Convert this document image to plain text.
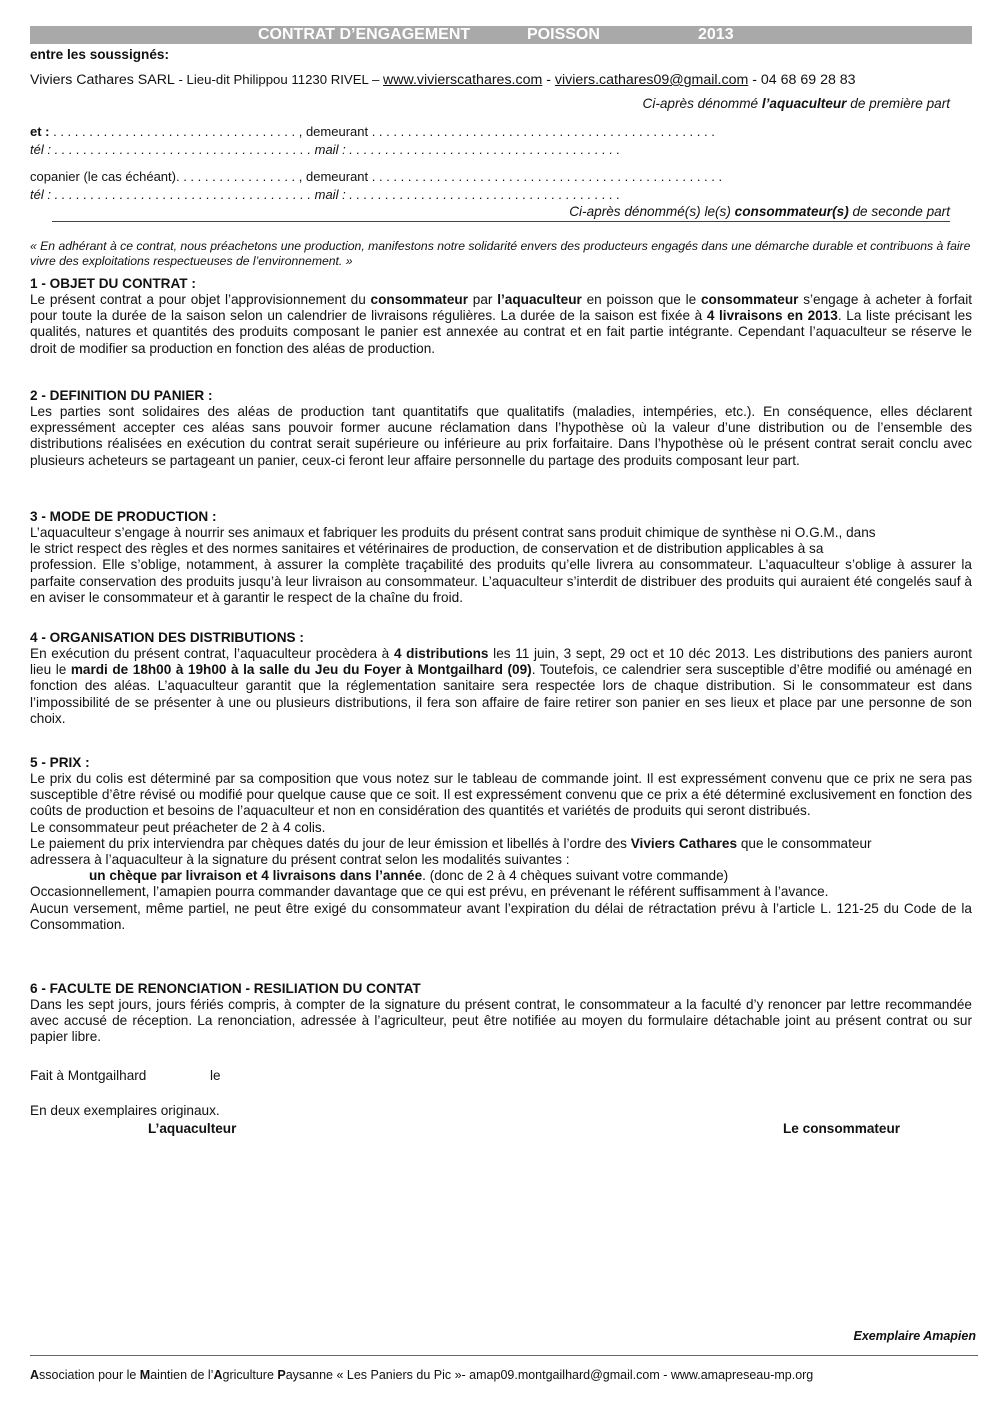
CONTRAT D’ENGAGEMENT	POISSON	2013
entre les soussignés:
Viviers Cathares SARL - Lieu-dit Philippou 11230 RIVEL – www.vivierscathares.com - viviers.cathares09@gmail.com - 04 68 69 28 83
Ci-après dénommé l’aquaculteur de première part
et : . . . . . . . . . . . . . . . . . . . . . . . . . . . . . . . . . . , demeurant . . . . . . . . . . . . . . . . . . . . . . . . . . . . . . . . . . . . . . . . . . . . . . . .
tél : . . . . . . . . . . . . . . . . . . . . . . . . . . . . . . . . . . . . mail : . . . . . . . . . . . . . . . . . . . . . . . . . . . . . . . . . . . . . .
copanier (le cas échéant). . . . . . . . . . . . . . . . . , demeurant . . . . . . . . . . . . . . . . . . . . . . . . . . . . . . . . . . . . . . . . . . . . . . . . .
tél : . . . . . . . . . . . . . . . . . . . . . . . . . . . . . . . . . . . . mail : . . . . . . . . . . . . . . . . . . . . . . . . . . . . . . . . . . . . . .
Ci-après dénommé(s) le(s) consommateur(s) de seconde part
« En adhérant à ce contrat, nous préachetons une production, manifestons notre solidarité envers des producteurs engagés dans une démarche durable et contribuons à faire vivre des exploitations respectueuses de l’environnement. »
1 - OBJET DU CONTRAT :

Le présent contrat a pour objet l’approvisionnement du consommateur par l’aquaculteur en poisson que le consommateur s’engage à acheter à forfait pour toute la durée de la saison selon un calendrier de livraisons régulières. La durée de la saison est fixée à 4 livraisons en 2013. La liste précisant les qualités, natures et quantités des produits composant le panier est annexée au contrat et en fait partie intégrante. Cependant l’aquaculteur se réserve le droit de modifier sa production en fonction des aléas de production.

2 - DEFINITION DU PANIER :

Les parties sont solidaires des aléas de production tant quantitatifs que qualitatifs (maladies, intempéries, etc.). En conséquence, elles déclarent expressément accepter ces aléas sans pouvoir former aucune réclamation dans l’hypothèse où la valeur d’une distribution ou de l’ensemble des distributions réalisées en exécution du contrat serait supérieure ou inférieure au prix forfaitaire. Dans l’hypothèse où le présent contrat serait conclu avec plusieurs acheteurs se partageant un panier, ceux-ci feront leur affaire personnelle du partage des produits composant leur part.

3 - MODE DE PRODUCTION :

L’aquaculteur s’engage à nourrir ses animaux et fabriquer les produits du présent contrat sans produit chimique de synthèse ni O.G.M., dans
le strict respect des règles et des normes sanitaires et vétérinaires de production, de conservation et de distribution applicables à sa
profession. Elle s’oblige, notamment, à assurer la complète traçabilité des produits qu’elle livrera au consommateur. L’aquaculteur s’oblige à assurer la parfaite conservation des produits jusqu’à leur livraison au consommateur. L’aquaculteur s’interdit de distribuer des produits qui auraient été congelés sauf à en aviser le consommateur et à garantir le respect de la chaîne du froid.

4 - ORGANISATION DES DISTRIBUTIONS :

En exécution du présent contrat, l’aquaculteur procèdera à 4 distributions les 11 juin, 3 sept, 29 oct et 10 déc 2013. Les distributions des paniers auront lieu le mardi de 18h00 à 19h00 à la salle du Jeu du Foyer à Montgailhard (09). Toutefois, ce calendrier sera susceptible d’être modifié ou aménagé en fonction des aléas. L’aquaculteur garantit que la réglementation sanitaire sera respectée lors de chaque distribution. Si le consommateur est dans l’impossibilité de se présenter à une ou plusieurs distributions, il fera son affaire de faire retirer son panier en ses lieux et place par une personne de son choix.

5 - PRIX :

Le prix du colis est déterminé par sa composition que vous notez sur le tableau de commande joint. Il est expressément convenu que ce prix ne sera pas susceptible d’être révisé ou modifié pour quelque cause que ce soit. Il est expressément convenu que ce prix a été déterminé exclusivement en fonction des coûts de production et besoins de l’aquaculteur et non en considération des quantités et variétés de produits qui seront distribués.

Le consommateur peut préacheter de 2 à 4 colis.

Le paiement du prix interviendra par chèques datés du jour de leur émission et libellés à l’ordre des Viviers Cathares que le consommateur

adressera à l’aquaculteur à la signature du présent contrat selon les modalités suivantes :

un chèque par livraison et 4 livraisons dans l’année. (donc de 2 à 4 chèques suivant votre commande)

Occasionnellement, l’amapien pourra commander davantage que ce qui est prévu, en prévenant le référent suffisamment à l’avance.

Aucun versement, même partiel, ne peut être exigé du consommateur avant l’expiration du délai de rétractation prévu à l’article L. 121-25 du Code de la Consommation.

6 - FACULTE DE RENONCIATION - RESILIATION DU CONTAT

Dans les sept jours, jours fériés compris, à compter de la signature du présent contrat, le consommateur a la faculté d’y renoncer par lettre recommandée avec accusé de réception. La renonciation, adressée à l’agriculteur, peut être notifiée au moyen du formulaire détachable joint au présent contrat ou sur papier libre.

Fait à Montgailhard	le
En deux exemplaires originaux.
L’aquaculteur	Le consommateur
Exemplaire Amapien
Association pour le Maintien de l’Agriculture Paysanne « Les Paniers du Pic »- amap09.montgailhard@gmail.com - www.amapreseau-mp.org
